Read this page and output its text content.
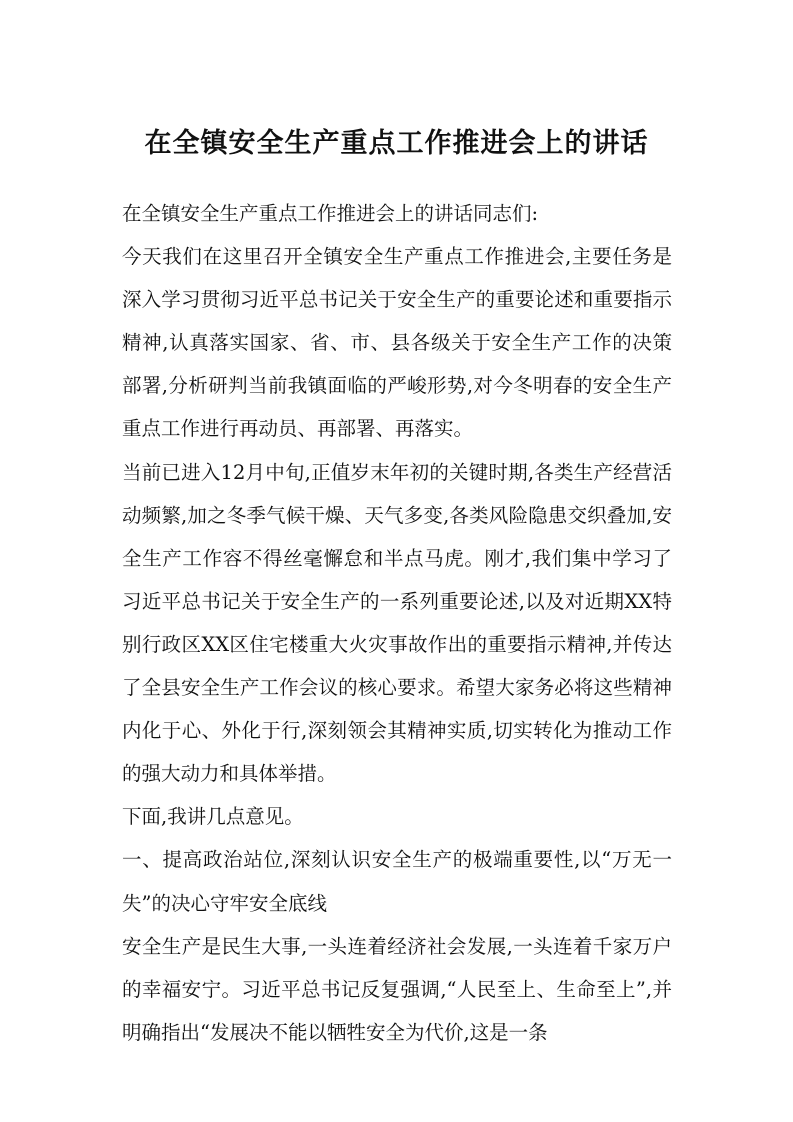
在全镇安全生产重点工作推进会上的讲话

在全镇安全生产重点工作推进会上的讲话同志们:

今天我们在这里召开全镇安全生产重点工作推进会,主要任务是深入学习贯彻习近平总书记关于安全生产的重要论述和重要指示精神,认真落实国家、省、市、县各级关于安全生产工作的决策部署,分析研判当前我镇面临的严峻形势,对今冬明春的安全生产重点工作进行再动员、再部署、再落实。

当前已进入12月中旬,正值岁末年初的关键时期,各类生产经营活动频繁,加之冬季气候干燥、天气多变,各类风险隐患交织叠加,安全生产工作容不得丝毫懈怠和半点马虎。刚才,我们集中学习了习近平总书记关于安全生产的一系列重要论述,以及对近期XX特别行政区XX区住宅楼重大火灾事故作出的重要指示精神,并传达了全县安全生产工作会议的核心要求。希望大家务必将这些精神内化于心、外化于行,深刻领会其精神实质,切实转化为推动工作的强大动力和具体举措。

下面,我讲几点意见。

一、提高政治站位,深刻认识安全生产的极端重要性,以“万无一失”的决心守牢安全底线

安全生产是民生大事,一头连着经济社会发展,一头连着千家万户的幸福安宁。习近平总书记反复强调,“人民至上、生命至上”,并明确指出“发展决不能以牺牲安全为代价,这是一条
